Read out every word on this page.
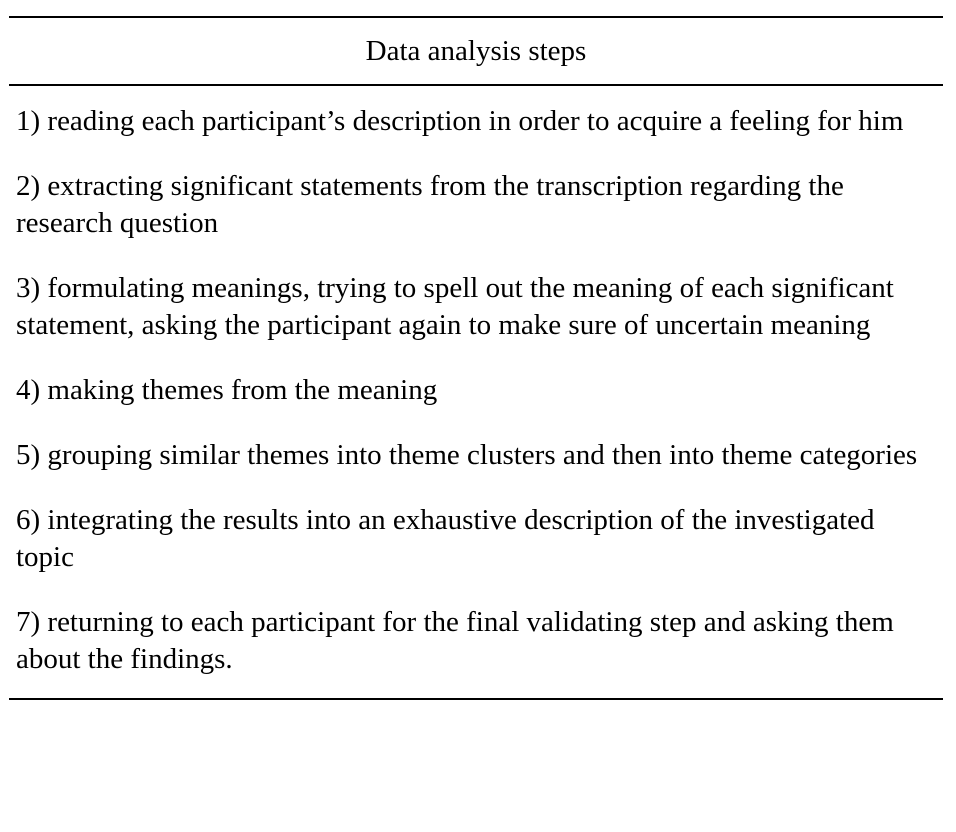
Data analysis steps
1) reading each participant’s description in order to acquire a feeling for him
2) extracting significant statements from the transcription regarding the research question
3) formulating meanings, trying to spell out the meaning of each significant statement, asking the participant again to make sure of uncertain meaning
4) making themes from the meaning
5) grouping similar themes into theme clusters and then into theme categories
6) integrating the results into an exhaustive description of the investigated topic
7) returning to each participant for the final validating step and asking them about the findings.
